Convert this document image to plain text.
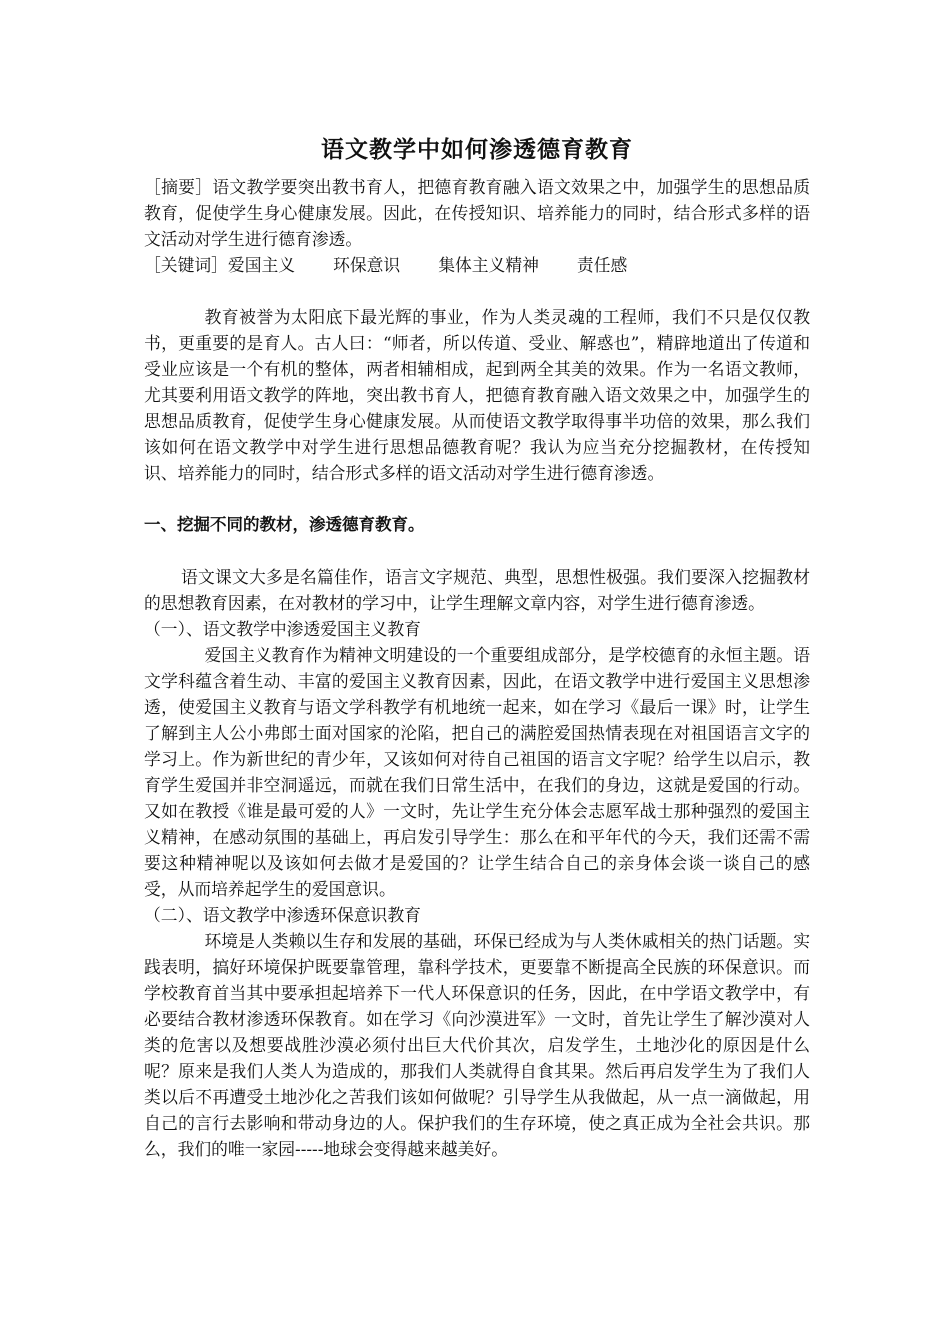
语文教学中如何渗透德育教育

［摘要］语文教学要突出教书育人，把德育教育融入语文效果之中，加强学生的思想品质教育，促使学生身心健康发展。因此，在传授知识、培养能力的同时，结合形式多样的语文活动对学生进行德育渗透。

［关键词］爱国主义 环保意识 集体主义精神 责任感

教育被誉为太阳底下最光辉的事业，作为人类灵魂的工程师，我们不只是仅仅教书，更重要的是育人。古人曰：“师者，所以传道、受业、解惑也”，精辟地道出了传道和受业应该是一个有机的整体，两者相辅相成，起到两全其美的效果。作为一名语文教师，尤其要利用语文教学的阵地，突出教书育人，把德育教育融入语文效果之中，加强学生的思想品质教育，促使学生身心健康发展。从而使语文教学取得事半功倍的效果，那么我们该如何在语文教学中对学生进行思想品德教育呢？我认为应当充分挖掘教材，在传授知识、培养能力的同时，结合形式多样的语文活动对学生进行德育渗透。

一、挖掘不同的教材，渗透德育教育。

语文课文大多是名篇佳作，语言文字规范、典型，思想性极强。我们要深入挖掘教材的思想教育因素，在对教材的学习中，让学生理解文章内容，对学生进行德育渗透。

（一）、语文教学中渗透爱国主义教育

爱国主义教育作为精神文明建设的一个重要组成部分，是学校德育的永恒主题。语文学科蕴含着生动、丰富的爱国主义教育因素，因此，在语文教学中进行爱国主义思想渗透，使爱国主义教育与语文学科教学有机地统一起来，如在学习《最后一课》时，让学生了解到主人公小弗郎士面对国家的沦陷，把自己的满腔爱国热情表现在对祖国语言文字的学习上。作为新世纪的青少年，又该如何对待自己祖国的语言文字呢？给学生以启示，教育学生爱国并非空洞遥远，而就在我们日常生活中，在我们的身边，这就是爱国的行动。又如在教授《谁是最可爱的人》一文时，先让学生充分体会志愿军战士那种强烈的爱国主义精神，在感动氛围的基础上，再启发引导学生：那么在和平年代的今天，我们还需不需要这种精神呢以及该如何去做才是爱国的？让学生结合自己的亲身体会谈一谈自己的感受，从而培养起学生的爱国意识。

（二）、语文教学中渗透环保意识教育

环境是人类赖以生存和发展的基础，环保已经成为与人类休戚相关的热门话题。实践表明，搞好环境保护既要靠管理，靠科学技术，更要靠不断提高全民族的环保意识。而学校教育首当其中要承担起培养下一代人环保意识的任务，因此，在中学语文教学中，有必要结合教材渗透环保教育。如在学习《向沙漠进军》一文时，首先让学生了解沙漠对人类的危害以及想要战胜沙漠必须付出巨大代价其次，启发学生，土地沙化的原因是什么呢？原来是我们人类人为造成的，那我们人类就得自食其果。然后再启发学生为了我们人类以后不再遭受土地沙化之苦我们该如何做呢？引导学生从我做起，从一点一滴做起，用自己的言行去影响和带动身边的人。保护我们的生存环境，使之真正成为全社会共识。那么，我们的唯一家园-----地球会变得越来越美好。
